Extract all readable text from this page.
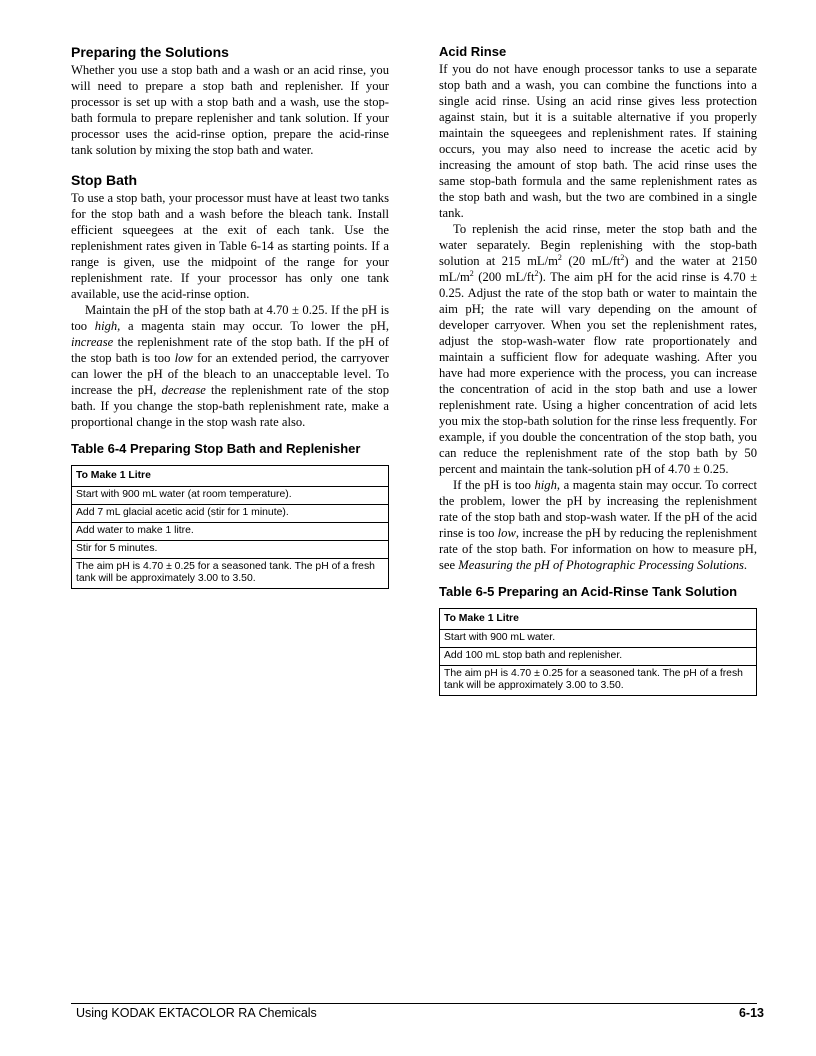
Preparing the Solutions

Whether you use a stop bath and a wash or an acid rinse, you will need to prepare a stop bath and replenisher. If your processor is set up with a stop bath and a wash, use the stop-bath formula to prepare replenisher and tank solution. If your processor uses the acid-rinse option, prepare the acid-rinse tank solution by mixing the stop bath and water.

Stop Bath

To use a stop bath, your processor must have at least two tanks for the stop bath and a wash before the bleach tank. Install efficient squeegees at the exit of each tank. Use the replenishment rates given in Table 6-14 as starting points. If a range is given, use the midpoint of the range for your replenishment rate. If your processor has only one tank available, use the acid-rinse option.

Maintain the pH of the stop bath at 4.70 ± 0.25. If the pH is too high, a magenta stain may occur. To lower the pH, increase the replenishment rate of the stop bath. If the pH of the stop bath is too low for an extended period, the carryover can lower the pH of the bleach to an unacceptable level. To increase the pH, decrease the replenishment rate of the stop bath. If you change the stop-bath replenishment rate, make a proportional change in the stop wash rate also.

Table 6-4 Preparing Stop Bath and Replenisher
To Make 1 Litre
Start with 900 mL water (at room temperature).
Add 7 mL glacial acetic acid (stir for 1 minute).
Add water to make 1 litre.
Stir for 5 minutes.
The aim pH is 4.70 ± 0.25 for a seasoned tank. The pH of a fresh tank will be approximately 3.00 to 3.50.
Acid Rinse

If you do not have enough processor tanks to use a separate stop bath and a wash, you can combine the functions into a single acid rinse. Using an acid rinse gives less protection against stain, but it is a suitable alternative if you properly maintain the squeegees and replenishment rates. If staining occurs, you may also need to increase the acetic acid by increasing the amount of stop bath. The acid rinse uses the same stop-bath formula and the same replenishment rates as the stop bath and wash, but the two are combined in a single tank.

To replenish the acid rinse, meter the stop bath and the water separately. Begin replenishing with the stop-bath solution at 215 $mL/m^2$ (20 $mL/ft^2$) and the water at 2150 $mL/m^2$ (200 $mL/ft^2$). The aim pH for the acid rinse is 4.70 ± 0.25. Adjust the rate of the stop bath or water to maintain the aim pH; the rate will vary depending on the amount of developer carryover. When you set the replenishment rates, adjust the stop-wash-water flow rate proportionately and maintain a sufficient flow for adequate washing. After you have had more experience with the process, you can increase the concentration of acid in the stop bath and use a lower replenishment rate. Using a higher concentration of acid lets you mix the stop-bath solution for the rinse less frequently. For example, if you double the concentration of the stop bath, you can reduce the replenishment rate of the stop bath by 50 percent and maintain the tank-solution pH of 4.70 ± 0.25.

If the pH is too high, a magenta stain may occur. To correct the problem, lower the pH by increasing the replenishment rate of the stop bath and stop-wash water. If the pH of the acid rinse is too low, increase the pH by reducing the replenishment rate of the stop bath. For information on how to measure pH, see Measuring the pH of Photographic Processing Solutions.

Table 6-5 Preparing an Acid-Rinse Tank Solution
To Make 1 Litre
Start with 900 mL water.
Add 100 mL stop bath and replenisher.
The aim pH is 4.70 ± 0.25 for a seasoned tank. The pH of a fresh tank will be approximately 3.00 to 3.50.
Using KODAK EKTACOLOR RA Chemicals	6-13
